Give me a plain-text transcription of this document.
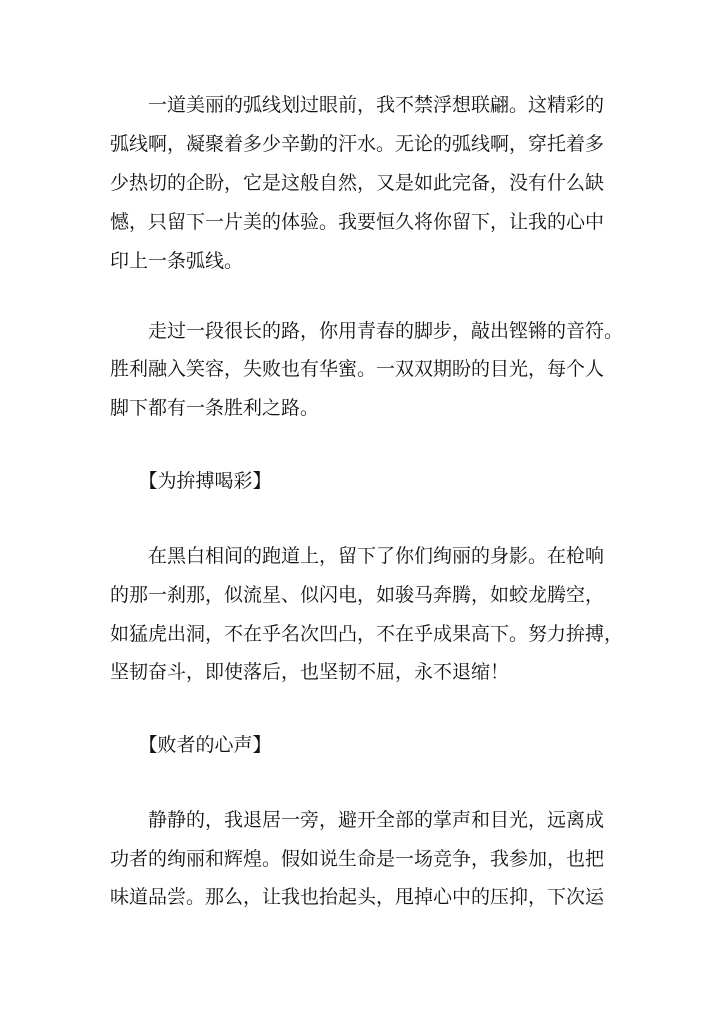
　　一道美丽的弧线划过眼前，我不禁浮想联翩。这精彩的
弧线啊，凝聚着多少辛勤的汗水。无论的弧线啊，穿托着多
少热切的企盼，它是这般自然，又是如此完备，没有什么缺
憾，只留下一片美的体验。我要恒久将你留下，让我的心中
印上一条弧线。
　　走过一段很长的路，你用青春的脚步，敲出铿锵的音符。
胜利融入笑容，失败也有华蜜。一双双期盼的目光，每个人
脚下都有一条胜利之路。
　　【为拚搏喝彩】
　　在黑白相间的跑道上，留下了你们绚丽的身影。在枪响
的那一刹那，似流星、似闪电，如骏马奔腾，如蛟龙腾空，
如猛虎出洞，不在乎名次凹凸，不在乎成果高下。努力拚搏，
坚韧奋斗，即使落后，也坚韧不屈，永不退缩！
　　【败者的心声】
　　静静的，我退居一旁，避开全部的掌声和目光，远离成
功者的绚丽和辉煌。假如说生命是一场竞争，我参加，也把
味道品尝。那么，让我也抬起头，甩掉心中的压抑，下次运
